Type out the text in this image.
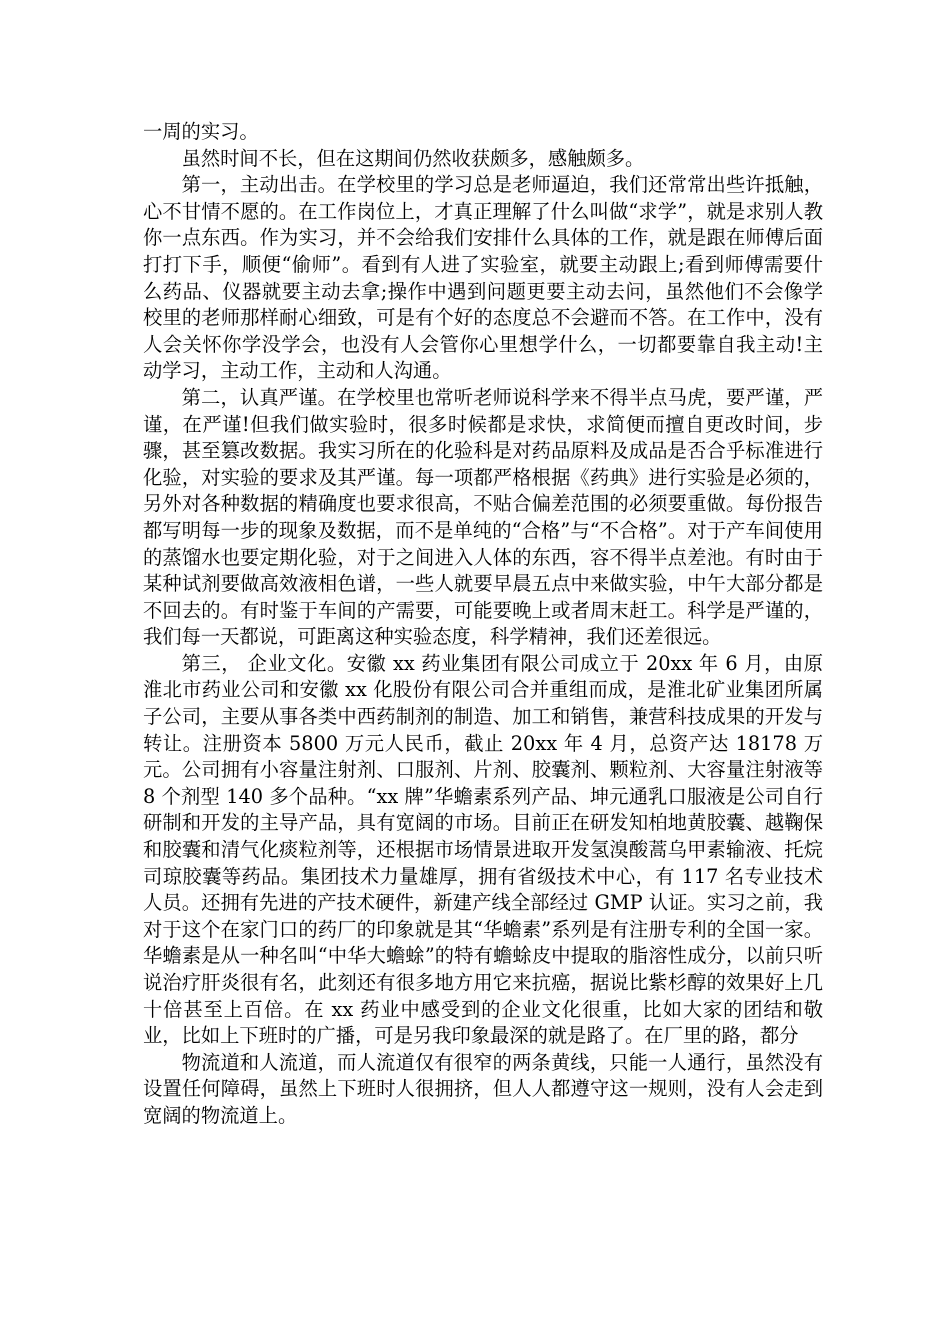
一周的实习。

虽然时间不长，但在这期间仍然收获颇多，感触颇多。

第一，主动出击。在学校里的学习总是老师逼迫，我们还常常出些许抵触，心不甘情不愿的。在工作岗位上，才真正理解了什么叫做“求学”，就是求别人教你一点东西。作为实习，并不会给我们安排什么具体的工作，就是跟在师傅后面打打下手，顺便“偷师”。看到有人进了实验室，就要主动跟上;看到师傅需要什么药品、仪器就要主动去拿;操作中遇到问题更要主动去问，虽然他们不会像学校里的老师那样耐心细致，可是有个好的态度总不会避而不答。在工作中，没有人会关怀你学没学会，也没有人会管你心里想学什么，一切都要靠自我主动!主动学习，主动工作，主动和人沟通。

第二，认真严谨。在学校里也常听老师说科学来不得半点马虎，要严谨，严谨，在严谨!但我们做实验时，很多时候都是求快，求简便而擅自更改时间，步骤，甚至篡改数据。我实习所在的化验科是对药品原料及成品是否合乎标准进行化验，对实验的要求及其严谨。每一项都严格根据《药典》进行实验是必须的，另外对各种数据的精确度也要求很高，不贴合偏差范围的必须要重做。每份报告都写明每一步的现象及数据，而不是单纯的“合格”与“不合格”。对于产车间使用的蒸馏水也要定期化验，对于之间进入人体的东西，容不得半点差池。有时由于某种试剂要做高效液相色谱，一些人就要早晨五点中来做实验，中午大部分都是不回去的。有时鉴于车间的产需要，可能要晚上或者周末赶工。科学是严谨的，我们每一天都说，可距离这种实验态度，科学精神，我们还差很远。

第三， 企业文化。安徽 xx 药业集团有限公司成立于 20xx 年 6 月，由原淮北市药业公司和安徽 xx 化股份有限公司合并重组而成，是淮北矿业集团所属子公司，主要从事各类中西药制剂的制造、加工和销售，兼营科技成果的开发与转让。注册资本 5800 万元人民币，截止 20xx 年 4 月，总资产达 18178 万元。公司拥有小容量注射剂、口服剂、片剂、胶囊剂、颗粒剂、大容量注射液等 8 个剂型 140 多个品种。“xx 牌”华蟾素系列产品、坤元通乳口服液是公司自行研制和开发的主导产品，具有宽阔的市场。目前正在研发知柏地黄胶囊、越鞠保和胶囊和清气化痰粒剂等，还根据市场情景进取开发氢溴酸蒿乌甲素输液、托烷司琼胶囊等药品。集团技术力量雄厚，拥有省级技术中心，有 117 名专业技术人员。还拥有先进的产技术硬件，新建产线全部经过 GMP 认证。实习之前，我对于这个在家门口的药厂的印象就是其“华蟾素”系列是有注册专利的全国一家。华蟾素是从一种名叫“中华大蟾蜍”的特有蟾蜍皮中提取的脂溶性成分，以前只听说治疗肝炎很有名，此刻还有很多地方用它来抗癌，据说比紫杉醇的效果好上几十倍甚至上百倍。在 xx 药业中感受到的企业文化很重，比如大家的团结和敬业，比如上下班时的广播，可是另我印象最深的就是路了。在厂里的路，都分

物流道和人流道，而人流道仅有很窄的两条黄线，只能一人通行，虽然没有设置任何障碍，虽然上下班时人很拥挤，但人人都遵守这一规则，没有人会走到宽阔的物流道上。
